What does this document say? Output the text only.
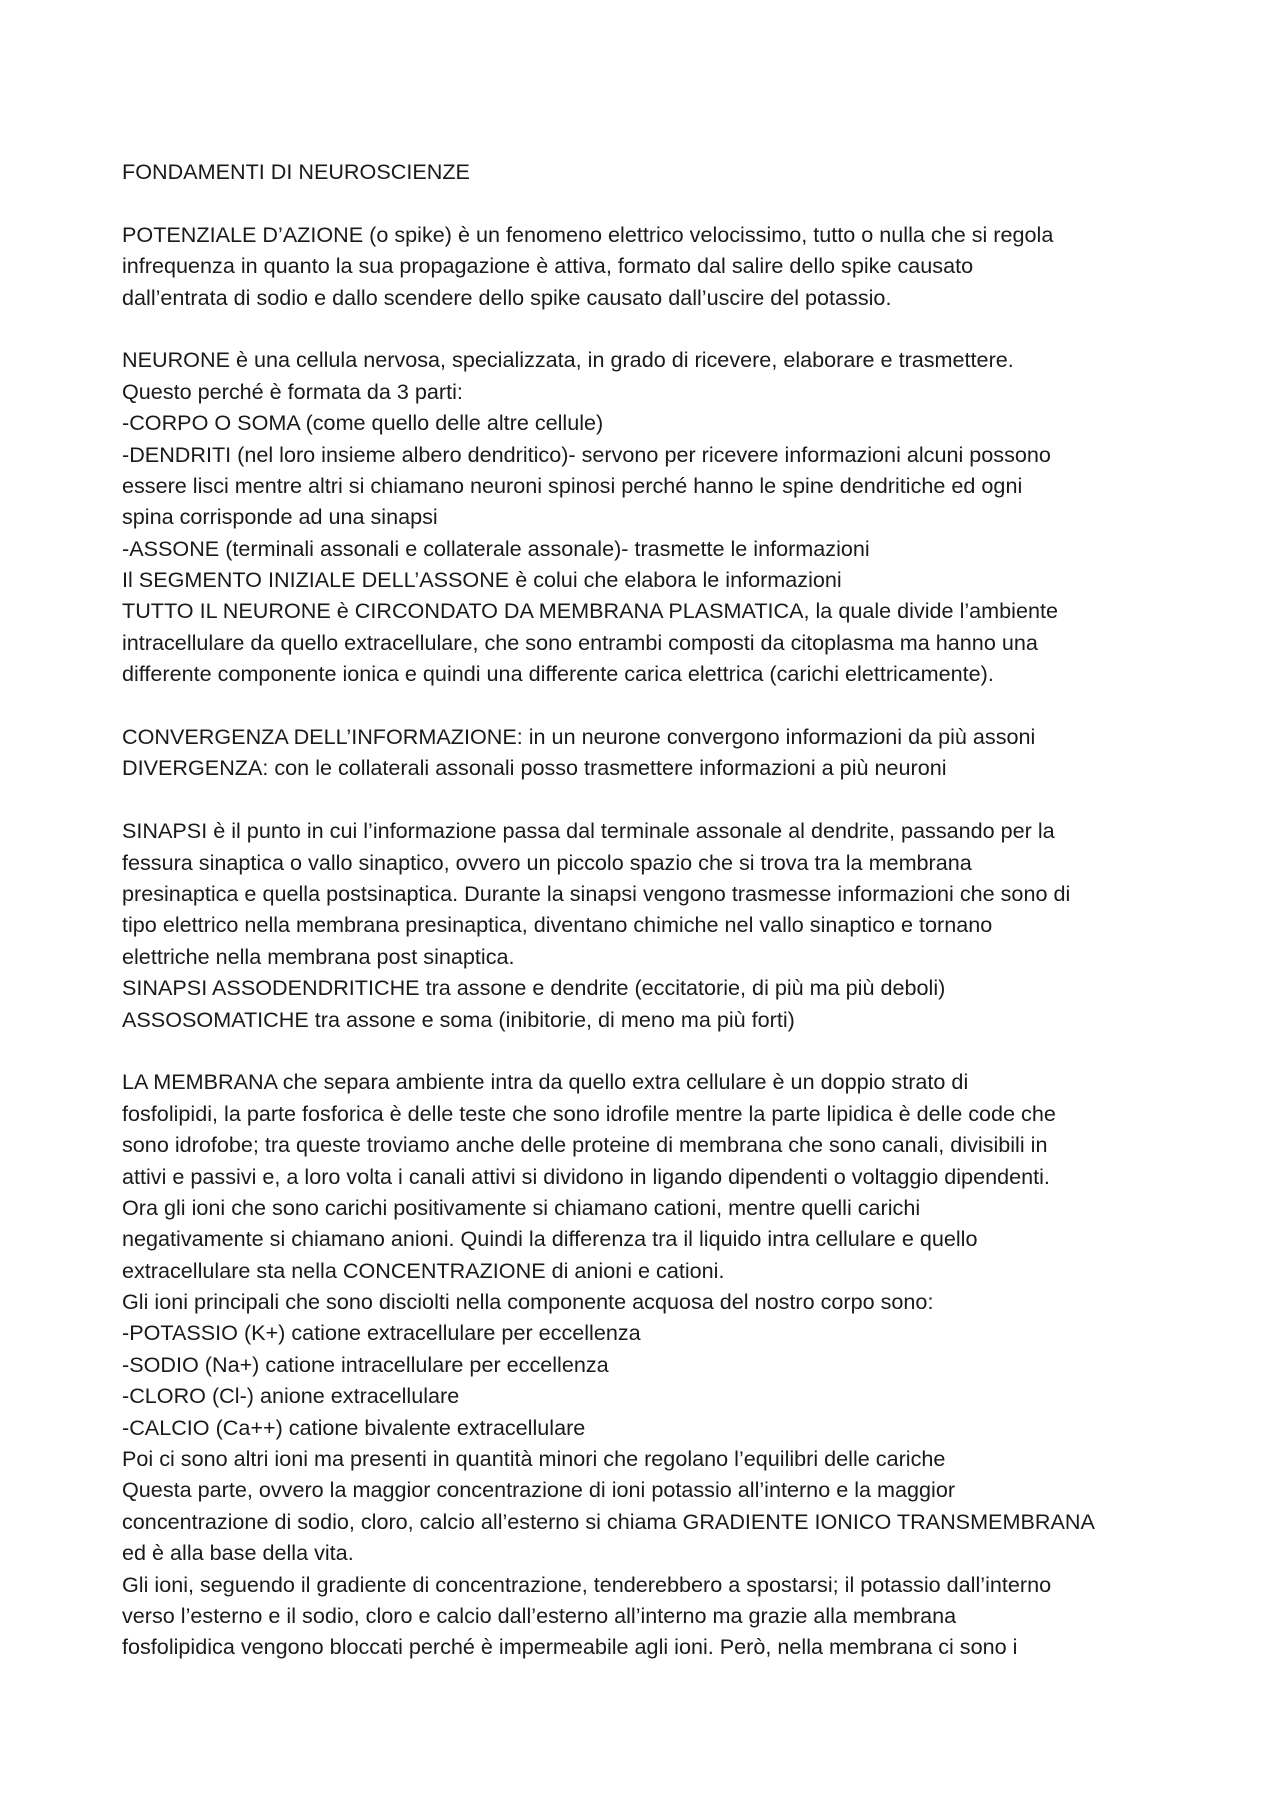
FONDAMENTI DI NEUROSCIENZE
POTENZIALE D’AZIONE (o spike) è un fenomeno elettrico velocissimo, tutto o nulla che si regola
infrequenza in quanto la sua propagazione è attiva, formato dal salire dello spike causato
dall’entrata di sodio e dallo scendere dello spike causato dall’uscire del potassio.
NEURONE è una cellula nervosa, specializzata, in grado di ricevere, elaborare e trasmettere.
Questo perché è formata da 3 parti:
-CORPO O SOMA (come quello delle altre cellule)
-DENDRITI (nel loro insieme albero dendritico)- servono per ricevere informazioni alcuni possono
essere lisci mentre altri si chiamano neuroni spinosi perché hanno le spine dendritiche ed ogni
spina corrisponde ad una sinapsi
-ASSONE (terminali assonali e collaterale assonale)- trasmette le informazioni
Il SEGMENTO INIZIALE DELL’ASSONE è colui che elabora le informazioni
TUTTO IL NEURONE è CIRCONDATO DA MEMBRANA PLASMATICA, la quale divide l’ambiente
intracellulare da quello extracellulare, che sono entrambi composti da citoplasma ma hanno una
differente componente ionica e quindi una differente carica elettrica (carichi elettricamente).
CONVERGENZA DELL’INFORMAZIONE: in un neurone convergono informazioni da più assoni
DIVERGENZA: con le collaterali assonali posso trasmettere informazioni a più neuroni
SINAPSI è il punto in cui l’informazione passa dal terminale assonale al dendrite, passando per la
fessura sinaptica o vallo sinaptico, ovvero un piccolo spazio che si trova tra la membrana
presinaptica e quella postsinaptica. Durante la sinapsi vengono trasmesse informazioni che sono di
tipo elettrico nella membrana presinaptica, diventano chimiche nel vallo sinaptico e tornano
elettriche nella membrana post sinaptica.
SINAPSI ASSODENDRITICHE tra assone e dendrite (eccitatorie, di più ma più deboli)
ASSOSOMATICHE tra assone e soma (inibitorie, di meno ma più forti)
LA MEMBRANA che separa ambiente intra da quello extra cellulare è un doppio strato di
fosfolipidi, la parte fosforica è delle teste che sono idrofile mentre la parte lipidica è delle code che
sono idrofobe; tra queste troviamo anche delle proteine di membrana che sono canali, divisibili in
attivi e passivi e, a loro volta i canali attivi si dividono in ligando dipendenti o voltaggio dipendenti.
Ora gli ioni che sono carichi positivamente si chiamano cationi, mentre quelli carichi
negativamente si chiamano anioni. Quindi la differenza tra il liquido intra cellulare e quello
extracellulare sta nella CONCENTRAZIONE di anioni e cationi.
Gli ioni principali che sono disciolti nella componente acquosa del nostro corpo sono:
-POTASSIO (K+) catione extracellulare per eccellenza
-SODIO (Na+) catione intracellulare per eccellenza
-CLORO (Cl-) anione extracellulare
-CALCIO (Ca++) catione bivalente extracellulare
Poi ci sono altri ioni ma presenti in quantità minori che regolano l’equilibri delle cariche
Questa parte, ovvero la maggior concentrazione di ioni potassio all’interno e la maggior
concentrazione di sodio, cloro, calcio all’esterno si chiama GRADIENTE IONICO TRANSMEMBRANA
ed è alla base della vita.
Gli ioni, seguendo il gradiente di concentrazione, tenderebbero a spostarsi; il potassio dall’interno
verso l’esterno e il sodio, cloro e calcio dall’esterno all’interno ma grazie alla membrana
fosfolipidica vengono bloccati perché è impermeabile agli ioni. Però, nella membrana ci sono i
